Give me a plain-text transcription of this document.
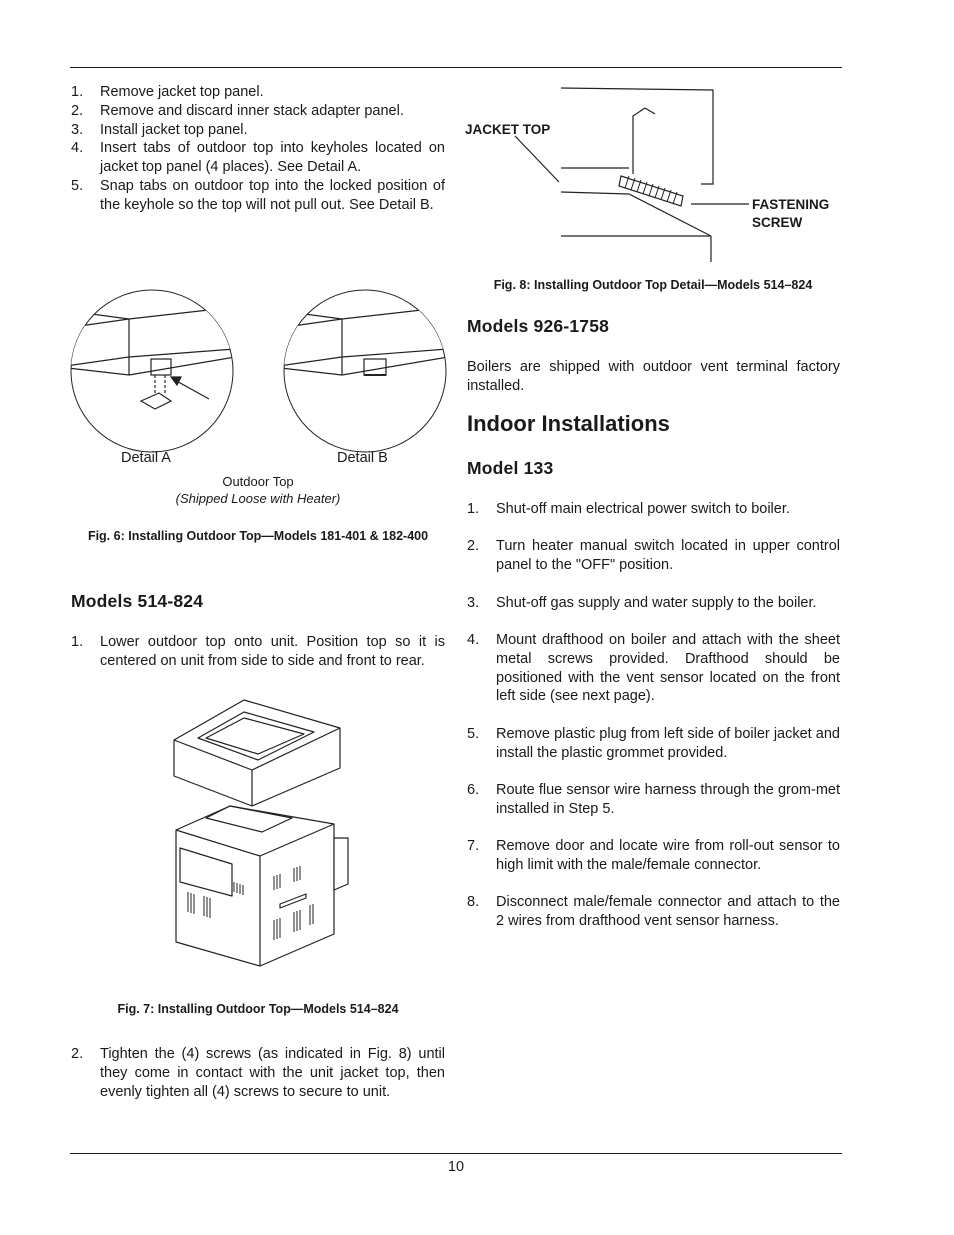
1. Remove jacket top panel.
2. Remove and discard inner stack adapter panel.
3. Install jacket top panel.
4. Insert tabs of outdoor top into keyholes located on jacket top panel (4 places). See Detail A.
5. Snap tabs on outdoor top into the locked position of the keyhole so the top will not pull out. See Detail B.
Detail A	Detail B
Outdoor Top
(Shipped Loose with Heater)
Fig. 6: Installing Outdoor Top—Models 181-401 & 182-400
Models 514-824
1. Lower outdoor top onto unit. Position top so it is centered on unit from side to side and front to rear.
Fig. 7: Installing Outdoor Top—Models 514–824
2. Tighten the (4) screws (as indicated in Fig. 8) until they come in contact with the unit jacket top, then evenly tighten all (4) screws to secure to unit.
JACKET TOP
FASTENING
SCREW
Fig. 8: Installing Outdoor Top Detail—Models 514–824
Models 926-1758
Boilers are shipped with outdoor vent terminal factory installed.
Indoor Installations
Model 133
1. Shut-off main electrical power switch to boiler.
2. Turn heater manual switch located in upper control panel to the "OFF" position.
3. Shut-off gas supply and water supply to the boiler.
4. Mount drafthood on boiler and attach with the sheet metal screws provided. Drafthood should be positioned with the vent sensor located on the front left side (see next page).
5. Remove plastic plug from left side of boiler jacket and install the plastic grommet provided.
6. Route flue sensor wire harness through the grom-met installed in Step 5.
7. Remove door and locate wire from roll-out sensor to high limit with the male/female connector.
8. Disconnect male/female connector and attach to the 2 wires from drafthood vent sensor harness.
10
